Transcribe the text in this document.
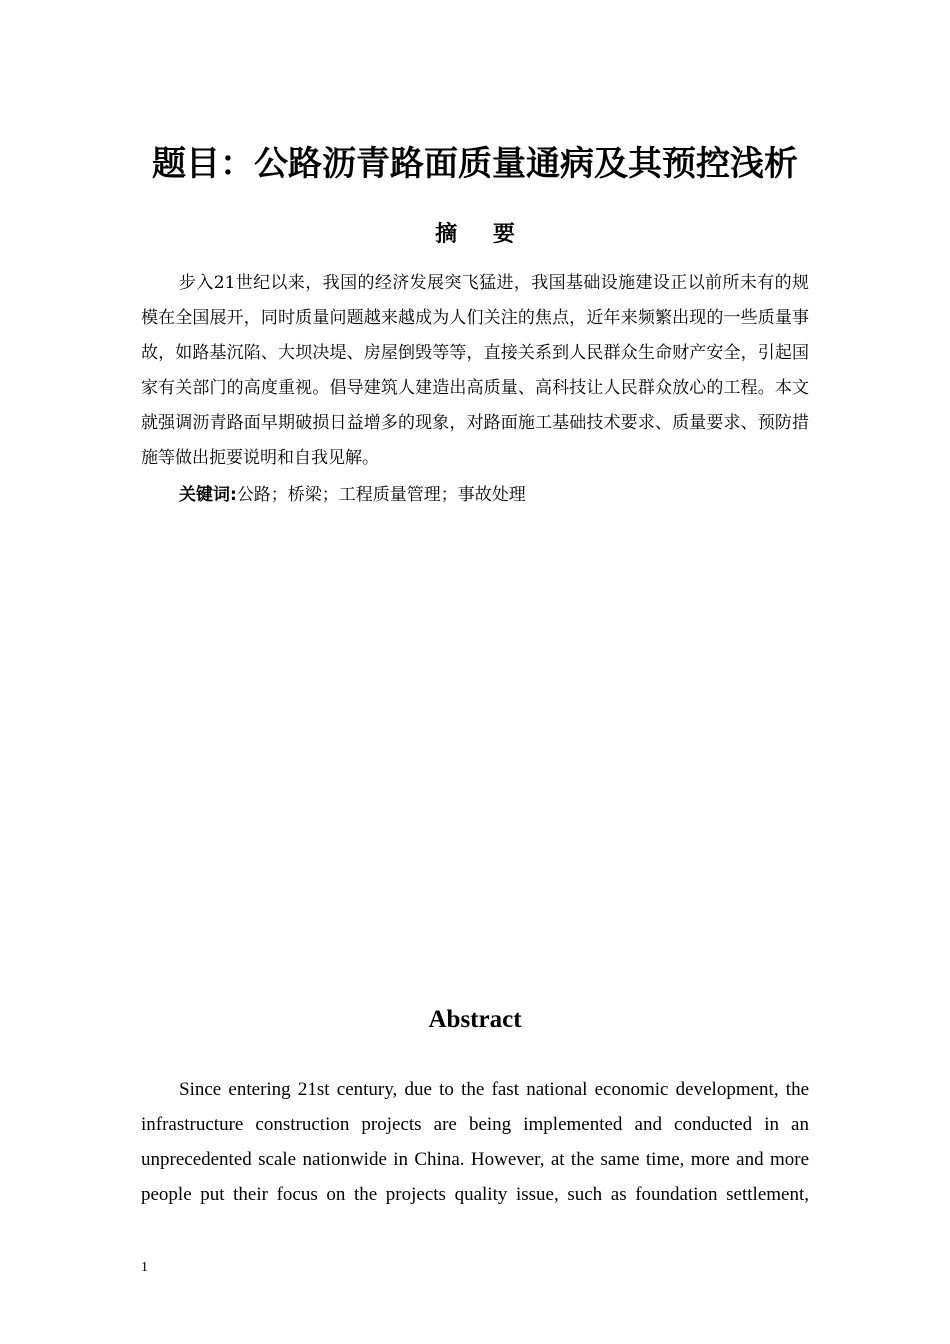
题目：公路沥青路面质量通病及其预控浅析
摘 要

步入21世纪以来，我国的经济发展突飞猛进，我国基础设施建设正以前所未有的规模在全国展开，同时质量问题越来越成为人们关注的焦点，近年来频繁出现的一些质量事故，如路基沉陷、大坝决堤、房屋倒毁等等，直接关系到人民群众生命财产安全，引起国家有关部门的高度重视。倡导建筑人建造出高质量、高科技让人民群众放心的工程。本文就强调沥青路面早期破损日益增多的现象，对路面施工基础技术要求、质量要求、预防措施等做出扼要说明和自我见解。

关键词:公路；桥梁；工程质量管理；事故处理

Abstract

Since entering 21st century, due to the fast national economic development, the infrastructure construction projects are being implemented and conducted in an unprecedented scale nationwide in China. However, at the same time, more and more people put their focus on the projects quality issue, such as foundation settlement,

1
